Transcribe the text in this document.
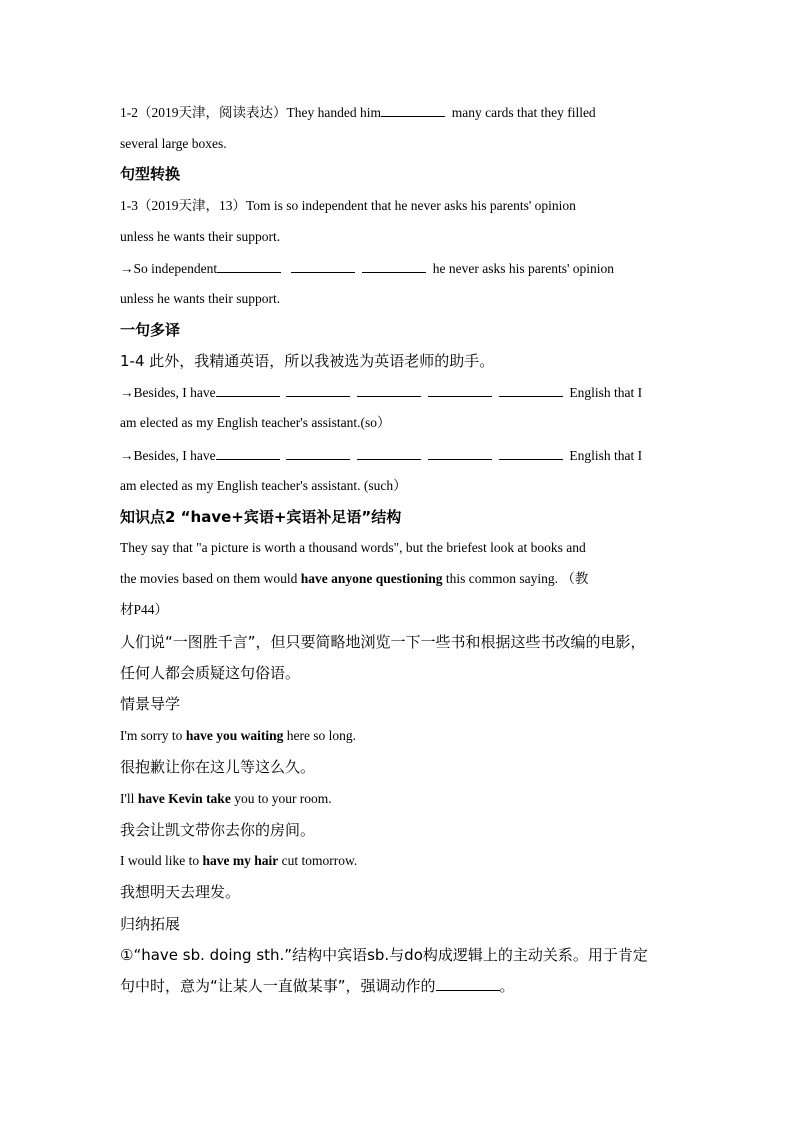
1-2（2019天津，阅读表达）They handed him	many cards that they filled
several large boxes.
句型转换
1-3（2019天津，13）Tom is so independent that he never asks his parents' opinion
unless he wants their support.
→So independent	he never asks his parents' opinion
unless he wants their support.
一句多译
1-4 此外，我精通英语，所以我被选为英语老师的助手。
→Besides, I have	English that I
am elected as my English teacher's assistant.(so）
→Besides, I have	English that I
am elected as my English teacher's assistant. (such）
知识点2 “have+宾语+宾语补足语”结构
They say that "a picture is worth a thousand words", but the briefest look at books and
the movies based on them would have anyone questioning this common saying. （教
材P44）
人们说“一图胜千言”，但只要简略地浏览一下一些书和根据这些书改编的电影，
任何人都会质疑这句俗语。
情景导学
I'm sorry to have you waiting here so long.
很抱歉让你在这儿等这么久。
I'll have Kevin take you to your room.
我会让凯文带你去你的房间。
I would like to have my hair cut tomorrow.
我想明天去理发。
归纳拓展
①“have sb. doing sth.”结构中宾语sb.与do构成逻辑上的主动关系。用于肯定
句中时，意为“让某人一直做某事”，强调动作的	。
